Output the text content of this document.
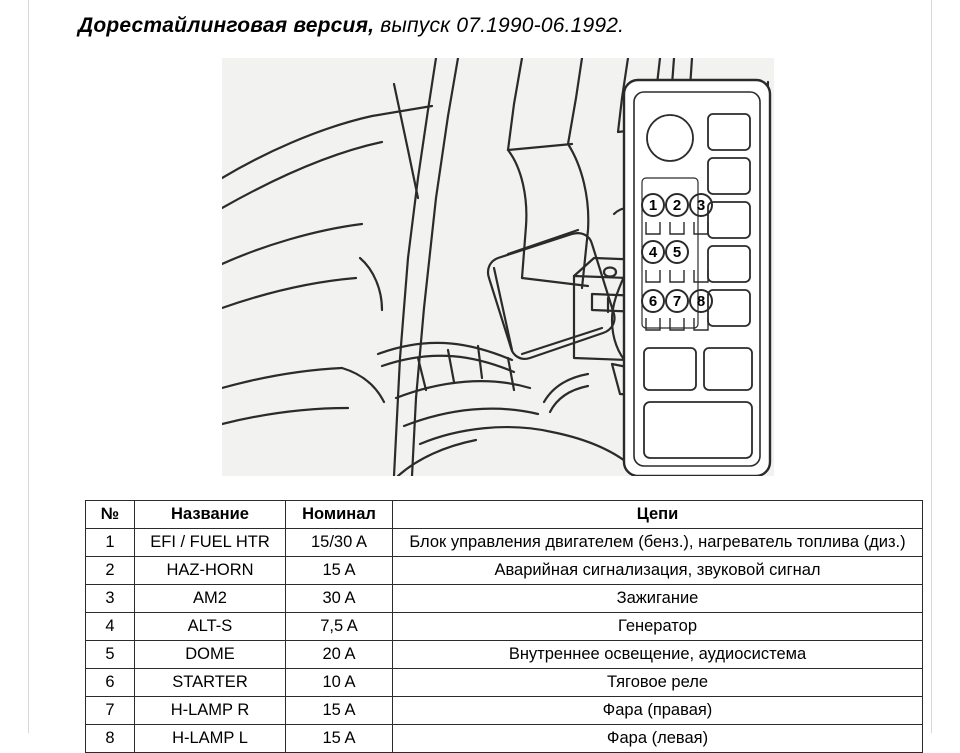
Дорестайлинговая версия, выпуск 07.1990-06.1992.
1 2 3
4 5
6 7 8
№	Название	Номинал	Цепи
1	EFI / FUEL HTR	15/30 A	Блок управления двигателем (бенз.), нагреватель топлива (диз.)
2	HAZ-HORN	15 A	Аварийная сигнализация, звуковой сигнал
3	AM2	30 A	Зажигание
4	ALT-S	7,5 A	Генератор
5	DOME	20 A	Внутреннее освещение, аудиосистема
6	STARTER	10 A	Тяговое реле
7	H-LAMP R	15 A	Фара (правая)
8	H-LAMP L	15 A	Фара (левая)
